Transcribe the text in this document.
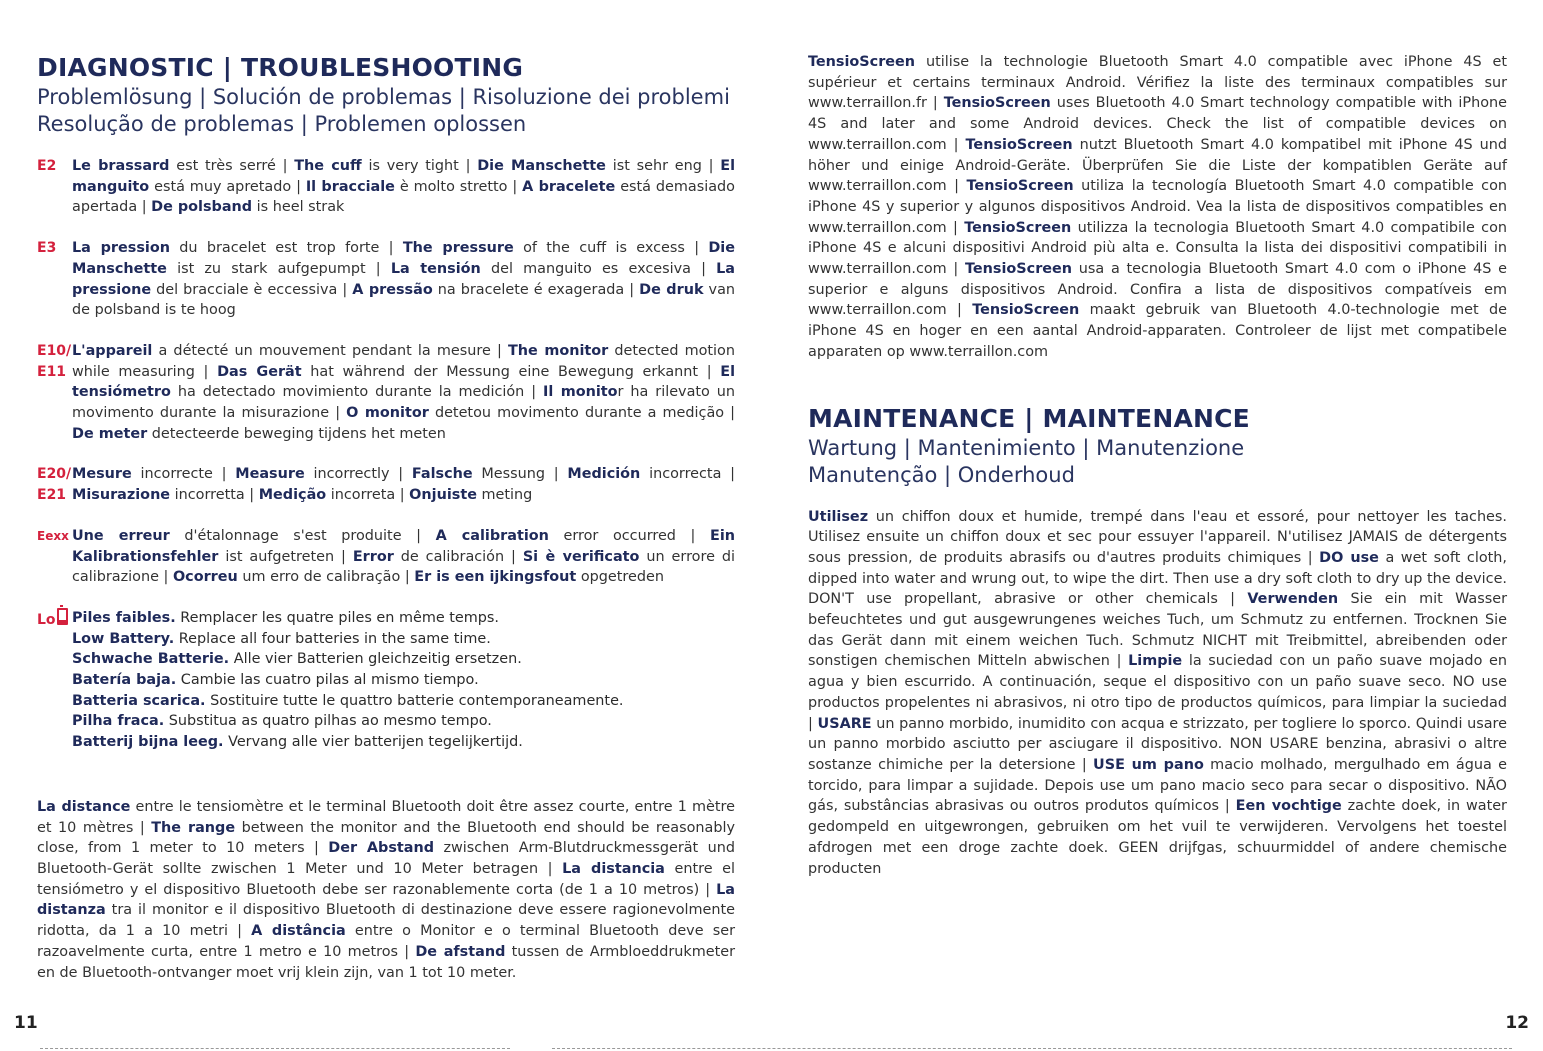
DIAGNOSTIC | TROUBLESHOOTING
Problemlösung | Solución de problemas | Risoluzione dei problemi
Resolução de problemas | Problemen oplossen
E2 Le brassard est très serré | The cuff is very tight | Die Manschette ist sehr eng | El manguito está muy apretado | Il bracciale è molto stretto | A bracelete está demasiado apertada | De polsband is heel strak
E3 La pression du bracelet est trop forte | The pressure of the cuff is excess | Die Manschette ist zu stark aufgepumpt | La tensión del manguito es excesiva | La pressione del bracciale è eccessiva | A pressão na bracelete é exagerada | De druk van de polsband is te hoog
E10/
E11
L'appareil a détecté un mouvement pendant la mesure | The monitor detected motion while measuring | Das Gerät hat während der Messung eine Bewegung erkannt | El tensiómetro ha detectado movimiento durante la medición | Il monitor ha rilevato un movimento durante la misurazione | O monitor detetou movimento durante a medição | De meter detecteerde beweging tijdens het meten
E20/
E21
Mesure incorrecte | Measure incorrectly | Falsche Messung | Medición incorrecta | Misurazione incorretta | Medição incorreta | Onjuiste meting
Eexx Une erreur d'étalonnage s'est produite | A calibration error occurred | Ein Kalibrationsfehler ist aufgetreten | Error de calibración | Si è verificato un errore di calibrazione | Ocorreu um erro de calibração | Er is een ijkingsfout opgetreden
Lo	Piles faibles. Remplacer les quatre piles en même temps.
Low Battery. Replace all four batteries in the same time.
Schwache Batterie. Alle vier Batterien gleichzeitig ersetzen.
Batería baja. Cambie las cuatro pilas al mismo tiempo.
Batteria scarica. Sostituire tutte le quattro batterie contemporaneamente.
Pilha fraca. Substitua as quatro pilhas ao mesmo tempo.
Batterij bijna leeg. Vervang alle vier batterijen tegelijkertijd.
La distance entre le tensiomètre et le terminal Bluetooth doit être assez courte, entre 1 mètre et 10 mètres | The range between the monitor and the Bluetooth end should be reasonably close, from 1 meter to 10 meters | Der Abstand zwischen Arm-Blutdruckmessgerät und Bluetooth-Gerät sollte zwischen 1 Meter und 10 Meter betragen | La distancia entre el tensiómetro y el dispositivo Bluetooth debe ser razonablemente corta (de 1 a 10 metros) | La distanza tra il monitor e il dispositivo Bluetooth di destinazione deve essere ragionevolmente ridotta, da 1 a 10 metri | A distância entre o Monitor e o terminal Bluetooth deve ser razoavelmente curta, entre 1 metro e 10 metros | De afstand tussen de Armbloeddrukmeter en de Bluetooth-ontvanger moet vrij klein zijn, van 1 tot 10 meter.
TensioScreen utilise la technologie Bluetooth Smart 4.0 compatible avec iPhone 4S et supérieur et certains terminaux Android. Vérifiez la liste des terminaux compatibles sur www.terraillon.fr | TensioScreen uses Bluetooth 4.0 Smart technology compatible with iPhone 4S and later and some Android devices. Check the list of compatible devices on www.terraillon.com | TensioScreen nutzt Bluetooth Smart 4.0 kompatibel mit iPhone 4S und höher und einige Android-Geräte. Überprüfen Sie die Liste der kompatiblen Geräte auf www.terraillon.com | TensioScreen utiliza la tecnología Bluetooth Smart 4.0 compatible con iPhone 4S y superior y algunos dispositivos Android. Vea la lista de dispositivos compatibles en www.terraillon.com | TensioScreen utilizza la tecnologia Bluetooth Smart 4.0 compatibile con iPhone 4S e alcuni dispositivi Android più alta e. Consulta la lista dei dispositivi compatibili in www.terraillon.com | TensioScreen usa a tecnologia Bluetooth Smart 4.0 com o iPhone 4S e superior e alguns dispositivos Android. Confira a lista de dispositivos compatíveis em www.terraillon.com | TensioScreen maakt gebruik van Bluetooth 4.0-technologie met de iPhone 4S en hoger en een aantal Android-apparaten. Controleer de lijst met compatibele apparaten op www.terraillon.com
MAINTENANCE | MAINTENANCE
Wartung | Mantenimiento | Manutenzione
Manutenção | Onderhoud
Utilisez un chiffon doux et humide, trempé dans l'eau et essoré, pour nettoyer les taches. Utilisez ensuite un chiffon doux et sec pour essuyer l'appareil. N'utilisez JAMAIS de détergents sous pression, de produits abrasifs ou d'autres produits chimiques | DO use a wet soft cloth, dipped into water and wrung out, to wipe the dirt. Then use a dry soft cloth to dry up the device. DON'T use propellant, abrasive or other chemicals | Verwenden Sie ein mit Wasser befeuchtetes und gut ausgewrungenes weiches Tuch, um Schmutz zu entfernen. Trocknen Sie das Gerät dann mit einem weichen Tuch. Schmutz NICHT mit Treibmittel, abreibenden oder sonstigen chemischen Mitteln abwischen | Limpie la suciedad con un paño suave mojado en agua y bien escurrido. A continuación, seque el dispositivo con un paño suave seco. NO use productos propelentes ni abrasivos, ni otro tipo de productos químicos, para limpiar la suciedad | USARE un panno morbido, inumidito con acqua e strizzato, per togliere lo sporco. Quindi usare un panno morbido asciutto per asciugare il dispositivo. NON USARE benzina, abrasivi o altre sostanze chimiche per la detersione | USE um pano macio molhado, mergulhado em água e torcido, para limpar a sujidade. Depois use um pano macio seco para secar o dispositivo. NÃO gás, substâncias abrasivas ou outros produtos químicos | Een vochtige zachte doek, in water gedompeld en uitgewrongen, gebruiken om het vuil te verwijderen. Vervolgens het toestel afdrogen met een droge zachte doek. GEEN drijfgas, schuurmiddel of andere chemische producten
11	12
